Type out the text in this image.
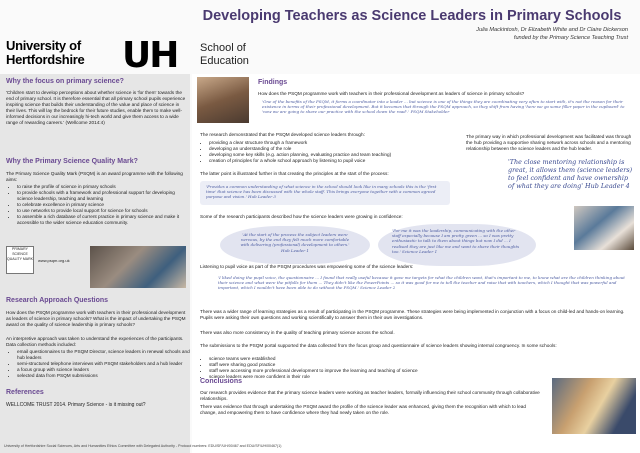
Developing Teachers as Science Leaders in Primary Schools
Julia Mackintosh, Dr Elizabeth White and Dr Claire Dickerson
funded by the Primary Science Teaching Trust
University of
Hertfordshire UH School of
Education
Why the focus on primary science?
'Children start to develop perceptions about whether science is 'for them' towards the end of primary school. It is therefore essential that all primary school pupils experience inspiring science that builds their understanding of the value and place of science in their lives. This will lay the bedrock for their future studies, enable them to make well-informed decisions in our increasingly hi-tech world and give them access to a wide range of rewarding careers.' (Wellcome 2014:4)
Why the Primary Science Quality Mark?
The Primary Science Quality Mark (PSQM) is an award programme with the following aims:
• to raise the profile of science in primary schools
• to provide schools with a framework and professional support for developing science leadership, teaching and learning
• to celebrate excellence in primary science
• to use networks to provide local support for science for schools
• to assemble a rich database of current practice in primary science and make it accessible to the wider science education community.
PRIMARY SCIENCE QUALITY MARK www.psqm.org.uk
Research Approach Questions
How does the PSQM programme work with teachers in their professional development as leaders of science in primary schools? What is the impact of undertaking the PSQM award on the quality of science leadership in primary schools?
An interpretive approach was taken to understand the experiences of the participants. Data collection methods included:
• email questionnaires to the PSQM Director, science leaders in renewal schools and hub leaders
• semi-structured telephone interviews with PSQM stakeholders and a hub leader
• a focus group with science leaders
• selected data from PSQM submissions
References
WELLCOME TRUST 2014. Primary Science - is it missing out?
Findings
How does the PSQM programme work with teachers in their professional development as leaders of science in primary schools?
'One of the benefits of the PSQM, it forms a coordinator into a leader ... but science is one of the things they are coordinating very often to start with, it's not the reason for their existence in terms of their professional development. But it becomes that through the PSQM approach, so they shift from having 'here we go some filler paper in the cupboard' to 'now we are going to share our practice with the school down the road'.' PSQM Stakeholder
The research demonstrated that the PSQM developed science leaders through:
• providing a clear structure through a framework
• developing an understanding of the role
• developing some key skills (e.g. action planning, evaluating practice and team teaching)
• creation of principles for a whole school approach by listening to pupil voice
The primary way in which professional development was facilitated was through the hub providing a supportive sharing network across schools and a mentoring relationship between the science leaders and the hub leader.
'The close mentoring relationship is great, it allows them (science leaders) to feel confident and have ownership of what they are doing' Hub Leader 4
The latter point is illustrated further in that creating the principles at the start of the process:
'Provides a common understanding of what science in the school should look like in many schools this is the 'first time' that science has been discussed with the whole staff. This brings everyone together with a common agreed purpose and vision.' Hub Leader 3
Some of the research participants described how the science leaders were growing in confidence:
'At the start of the process the subject leaders were nervous, by the end they felt much more comfortable with delivering (professional) development to others.' Hub Leader 1
'For me it was the leadership, communicating with the other staff especially because I am pretty green ... so I was pretty enthusiastic to talk to them about things but now I did ... I realised they are just like me and want to share their thoughts too.' Science Leader 1
Listening to pupil voice as part of the PSQM procedures was empowering some of the science leaders:
'I liked doing the pupil voice, the questionnaire ... I found that really useful because it gave me targets for what the children want, that's important to me, to know what are the children thinking about their science and what were the pitfalls for them ... They didn't like the PowerPoints ... so it was good for me to tell the teacher and raise that with teachers, which I thought that was powerful and important, which I wouldn't have been able to do without the PSQM.' Science Leader 2
There was a wider range of learning strategies as a result of participating in the PSQM programme. These strategies were being implemented in conjunction with a focus on child-led and hands-on learning. Pupils were asking their own questions and working scientifically to answer them in their own investigations.
There was also more consistency in the quality of teaching primary science across the school.
The submissions to the PSQM portal supported the data collected from the focus group and questionnaire of science leaders showing internal congruency. In some schools:
• science teams were established
• staff were sharing good practice
• staff were accessing more professional development to improve the learning and teaching of science
• science leaders were more confident in their role
Conclusions
Our research provides evidence that the primary science leaders were working as teacher leaders, formally influencing their school community through collaborative relationships.
There was evidence that through undertaking the PSQM award the profile of the science leader was enhanced, giving them the recognition with which to lead change, and empowering them to have confidence where they had newly taken on the role.
University of Hertfordshire Social Sciences, Arts and Humanities Ethics Committee with Delegated Authority - Protocol numbers: EDU/SF/UH/00467 and EDU/SF/UH/00467(1)
